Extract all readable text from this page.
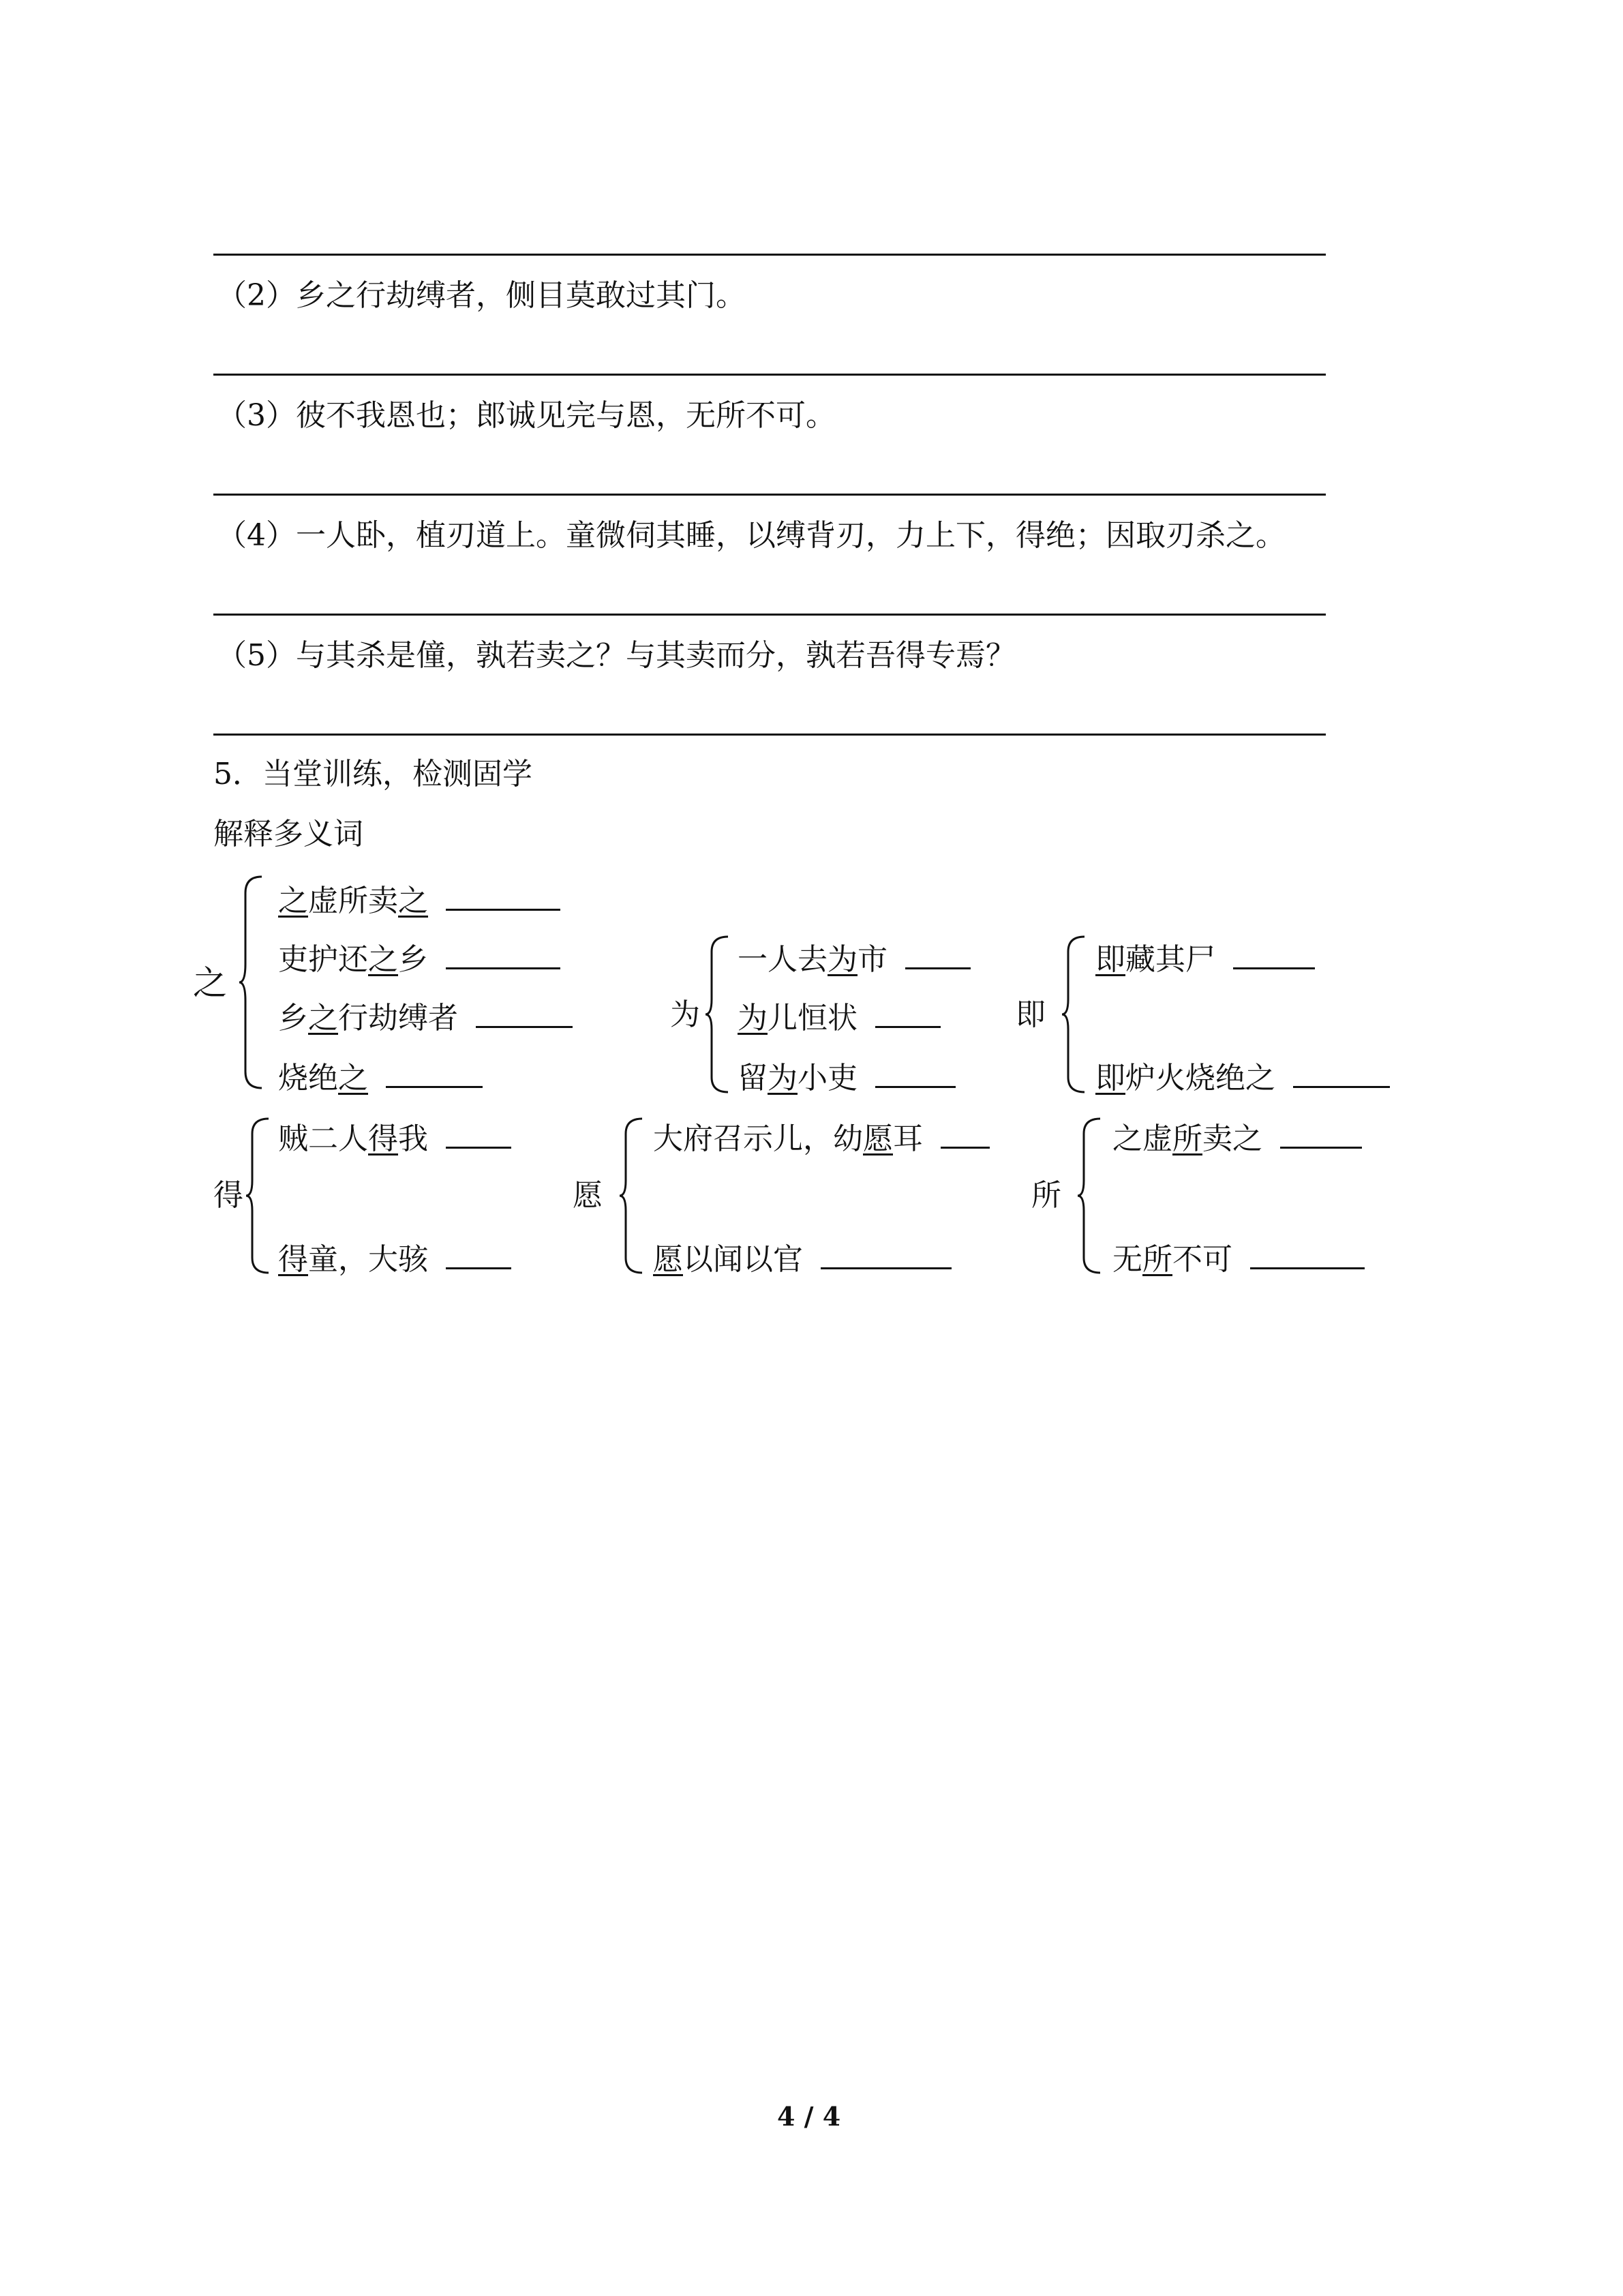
（2）乡之行劫缚者，侧目莫敢过其门。
（3）彼不我恩也；郎诚见完与恩，无所不可。
（4）一人卧，植刃道上。童微伺其睡，以缚背刃，力上下，得绝；因取刃杀之。
（5）与其杀是僮，孰若卖之？与其卖而分，孰若吾得专焉？
5．当堂训练，检测固学
解释多义词
之
之虚所卖之
吏护还之乡
乡之行劫缚者
烧绝之
为
一人去为市
为儿恒状
留为小吏
即
即藏其尸
即炉火烧绝之
得
贼二人得我
得童，大骇
愿
大府召示儿，幼愿耳
愿以闻以官
所
之虚所卖之
无所不可
4 / 4
